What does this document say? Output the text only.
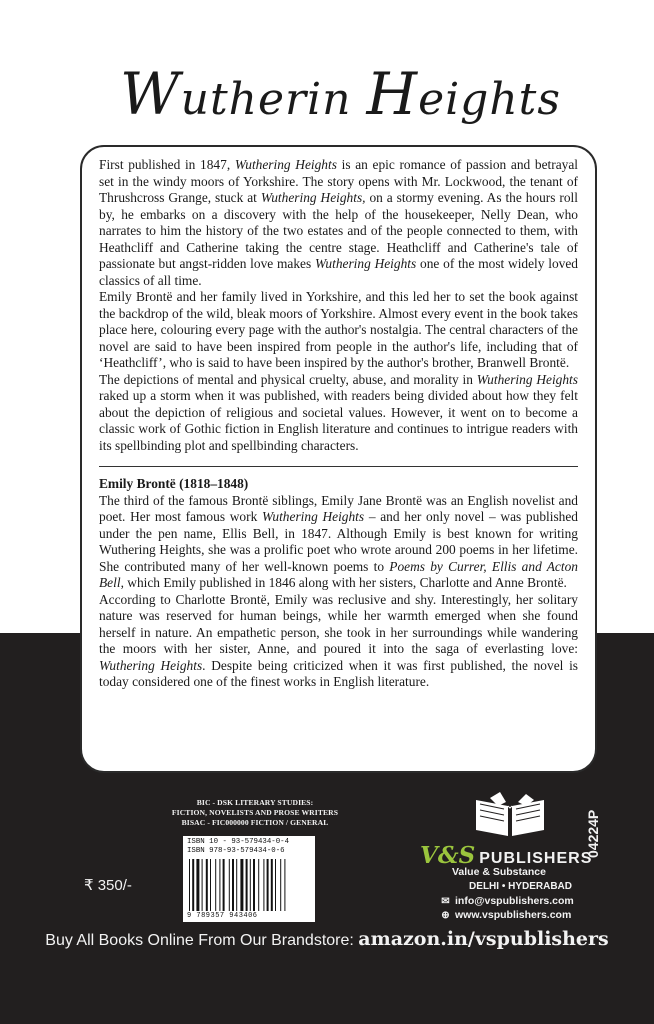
Wutherin Heights

First published in 1847, Wuthering Heights is an epic romance of passion and betrayal set in the windy moors of Yorkshire. The story opens with Mr. Lockwood, the tenant of Thrushcross Grange, stuck at Wuthering Heights, on a stormy evening. As the hours roll by, he embarks on a discovery with the help of the housekeeper, Nelly Dean, who narrates to him the history of the two estates and of the people connected to them, with Heathcliff and Catherine taking the centre stage. Heathcliff and Catherine's tale of passionate but angst-ridden love makes Wuthering Heights one of the most widely loved classics of all time.

Emily Brontë and her family lived in Yorkshire, and this led her to set the book against the backdrop of the wild, bleak moors of Yorkshire. Almost every event in the book takes place here, colouring every page with the author's nostalgia. The central characters of the novel are said to have been inspired from people in the author's life, including that of ‘Heathcliff’, who is said to have been inspired by the author's brother, Branwell Brontë.

The depictions of mental and physical cruelty, abuse, and morality in Wuthering Heights raked up a storm when it was published, with readers being divided about how they felt about the depiction of religious and societal values. However, it went on to become a classic work of Gothic fiction in English literature and continues to intrigue readers with its spellbinding plot and spellbinding characters.

Emily Brontë (1818–1848)

The third of the famous Brontë siblings, Emily Jane Brontë was an English novelist and poet. Her most famous work Wuthering Heights – and her only novel – was published under the pen name, Ellis Bell, in 1847. Although Emily is best known for writing Wuthering Heights, she was a prolific poet who wrote around 200 poems in her lifetime. She contributed many of her well-known poems to Poems by Currer, Ellis and Acton Bell, which Emily published in 1846 along with her sisters, Charlotte and Anne Brontë.

According to Charlotte Brontë, Emily was reclusive and shy. Interestingly, her solitary nature was reserved for human beings, while her warmth emerged when she found herself in nature. An empathetic person, she took in her surroundings while wandering the moors with her sister, Anne, and poured it into the saga of everlasting love: Wuthering Heights. Despite being criticized when it was first published, the novel is today considered one of the finest works in English literature.

BIC - DSK LITERARY STUDIES:
FICTION, NOVELISTS AND PROSE WRITERS
BISAC - FIC000000 FICTION / GENERAL
ISBN 10 - 93-579434-0-4
ISBN 978-93-579434-0-6
9 789357 943406
₹ 350/-
04224P
V&S PUBLISHERS
Value & Substance
DELHI • HYDERABAD
✉ info@vspublishers.com
⊕ www.vspublishers.com
Buy All Books Online From Our Brandstore: amazon.in/vspublishers
